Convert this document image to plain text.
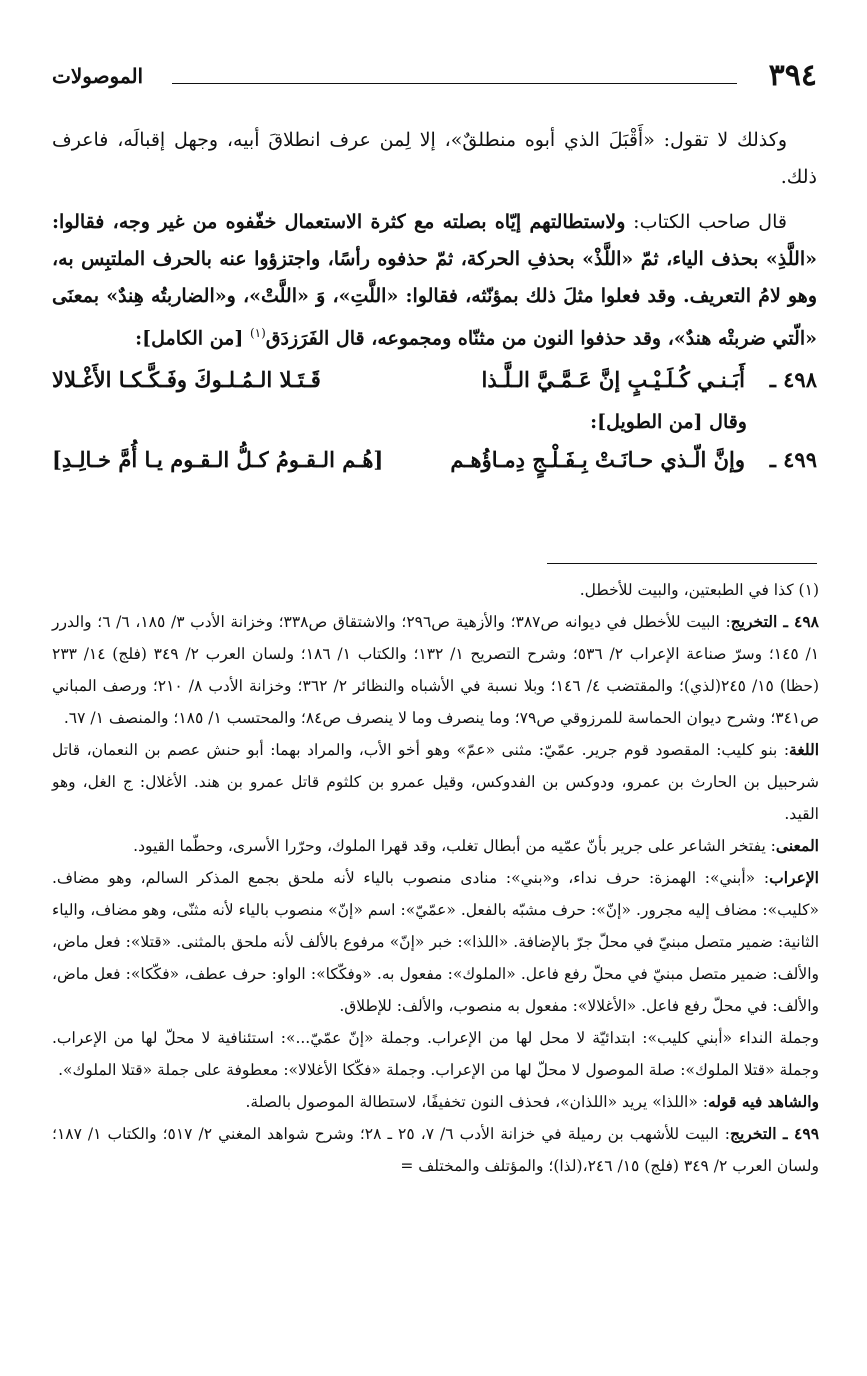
٣٩٤
الموصولات

وكذلك لا تقول: «أَقْبَلَ الذي أبوه منطلقٌ»، إلا لِمن عرف انطلاقَ أبيه، وجهل إقبالَه، فاعرف ذلك.

قال صاحب الكتاب: ولاستطالتهم إيّاه بصلته مع كثرة الاستعمال خفّفوه من غير وجه، فقالوا: «اللَّذِ» بحذف الياء، ثمّ «اللَّذْ» بحذفِ الحركة، ثمّ حذفوه رأسًا، واجتزؤوا عنه بالحرف الملتبِس به، وهو لامُ التعريف. وقد فعلوا مثلَ ذلك بمؤنّثه، فقالوا: «اللَّتِ»، وَ «اللَّتْ»، و«الضاربتُه هِندٌ» بمعنَى «الّتي ضربتْه هندٌ»، وقد حذفوا النون من مثنّاه ومجموعه، قال الفَرَزدَق$^{(١)}$ [من الكامل]:

٤٩٨ ـ
أَبَـنـي كُـلَـيْـبٍ إنَّ عَـمَّـيَّ الـلَّـذا
قَـتَـلا الـمُـلـوكَ وفَـكَّـكـا الأَغْـلالا
وقال [من الطويل]:
٤٩٩ ـ
وإنَّ الّـذي حـانَـتْ بِـفَـلْـجٍ دِمـاؤُهـم
[هُـم الـقـومُ كـلُّ الـقـوم يـا أُمَّ خـالِـدِ]

(١) كذا في الطبعتين، والبيت للأخطل.

٤٩٨ ـ التخريج: البيت للأخطل في ديوانه ص٣٨٧؛ والأزهية ص٢٩٦؛ والاشتقاق ص٣٣٨؛ وخزانة الأدب ٣/ ١٨٥، ٦/ ٦؛ والدرر ١/ ١٤٥؛ وسرّ صناعة الإعراب ٢/ ٥٣٦؛ وشرح التصريح ١/ ١٣٢؛ والكتاب ١/ ١٨٦؛ ولسان العرب ٢/ ٣٤٩ (فلج) ١٤/ ٢٣٣ (حظا) ١٥/ ٢٤٥(لذي)؛ والمقتضب ٤/ ١٤٦؛ وبلا نسبة في الأشباه والنظائر ٢/ ٣٦٢؛ وخزانة الأدب ٨/ ٢١٠؛ ورصف المباني ص٣٤١؛ وشرح ديوان الحماسة للمرزوقي ص٧٩؛ وما ينصرف وما لا ينصرف ص٨٤؛ والمحتسب ١/ ١٨٥؛ والمنصف ١/ ٦٧.

اللغة: بنو كليب: المقصود قوم جرير. عمّيّ: مثنى «عمّ» وهو أخو الأب، والمراد بهما: أبو حنش عصم بن النعمان، قاتل شرحبيل بن الحارث بن عمرو، ودوكس بن الفدوكس، وقيل عمرو بن كلثوم قاتل عمرو بن هند. الأغلال: ج الغل، وهو القيد.

المعنى: يفتخر الشاعر على جرير بأنّ عمّيه من أبطال تغلب، وقد قهرا الملوك، وحرّرا الأسرى، وحطّما القيود.

الإعراب: «أبني»: الهمزة: حرف نداء، و«بني»: منادى منصوب بالياء لأنه ملحق بجمع المذكر السالم، وهو مضاف. «كليب»: مضاف إليه مجرور. «إنّ»: حرف مشبّه بالفعل. «عمّيّ»: اسم «إنّ» منصوب بالياء لأنه مثنّى، وهو مضاف، والياء الثانية: ضمير متصل مبنيّ في محلّ جرّ بالإضافة. «اللذا»: خبر «إنّ» مرفوع بالألف لأنه ملحق بالمثنى. «قتلا»: فعل ماض، والألف: ضمير متصل مبنيّ في محلّ رفع فاعل. «الملوك»: مفعول به. «وفكّكا»: الواو: حرف عطف، «فكّكا»: فعل ماض، والألف: في محلّ رفع فاعل. «الأغلالا»: مفعول به منصوب، والألف: للإطلاق.

وجملة النداء «أبني كليب»: ابتدائيّة لا محل لها من الإعراب. وجملة «إنّ عمّيّ...»: استئنافية لا محلّ لها من الإعراب. وجملة «قتلا الملوك»: صلة الموصول لا محلّ لها من الإعراب. وجملة «فكّكا الأغلالا»: معطوفة على جملة «قتلا الملوك».

والشاهد فيه قوله: «اللذا» يريد «اللذان»، فحذف النون تخفيفًا، لاستطالة الموصول بالصلة.

٤٩٩ ـ التخريج: البيت للأشهب بن رميلة في خزانة الأدب ٦/ ٧، ٢٥ ـ ٢٨؛ وشرح شواهد المغني ٢/ ٥١٧؛ والكتاب ١/ ١٨٧؛ ولسان العرب ٢/ ٣٤٩ (فلج) ١٥/ ٢٤٦،(لذا)؛ والمؤتلف والمختلف =
